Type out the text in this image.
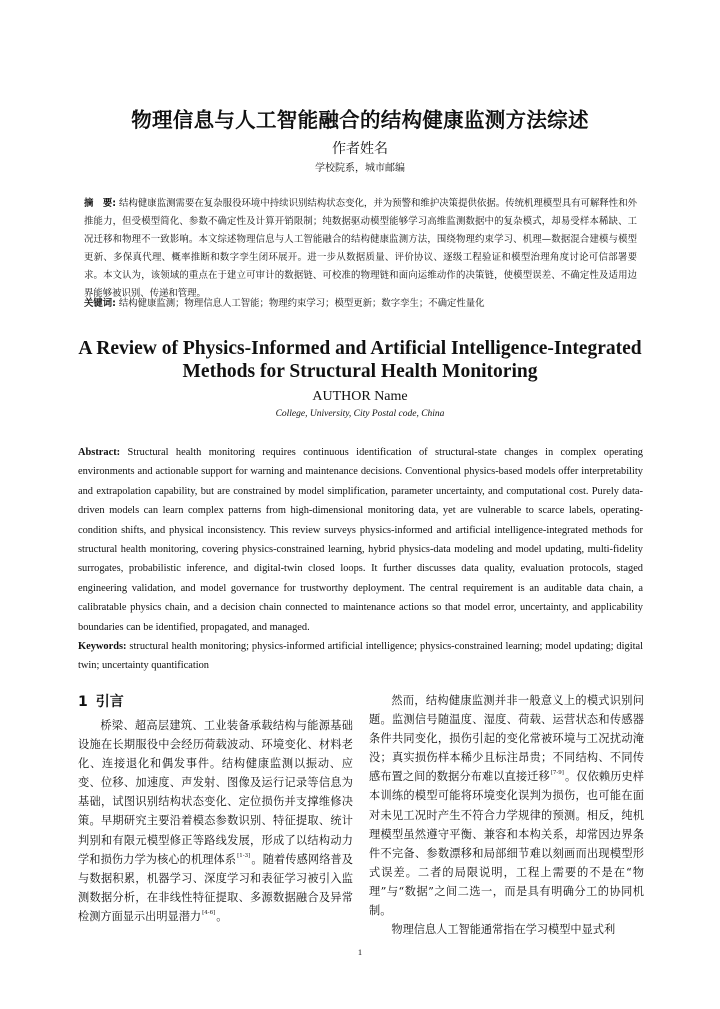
物理信息与人工智能融合的结构健康监测方法综述
作者姓名
学校院系，城市邮编
摘　要: 结构健康监测需要在复杂服役环境中持续识别结构状态变化，并为预警和维护决策提供依据。传统机理模型具有可解释性和外推能力，但受模型简化、参数不确定性及计算开销限制；纯数据驱动模型能够学习高维监测数据中的复杂模式，却易受样本稀缺、工况迁移和物理不一致影响。本文综述物理信息与人工智能融合的结构健康监测方法，围绕物理约束学习、机理—数据混合建模与模型更新、多保真代理、概率推断和数字孪生闭环展开。进一步从数据质量、评价协议、逐级工程验证和模型治理角度讨论可信部署要求。本文认为，该领域的重点在于建立可审计的数据链、可校准的物理链和面向运维动作的决策链，使模型误差、不确定性及适用边界能够被识别、传递和管理。
关键词: 结构健康监测；物理信息人工智能；物理约束学习；模型更新；数字孪生；不确定性量化
A Review of Physics-Informed and Artificial Intelligence-Integrated Methods for Structural Health Monitoring
AUTHOR Name
College, University, City Postal code, China
Abstract: Structural health monitoring requires continuous identification of structural-state changes in complex operating environments and actionable support for warning and maintenance decisions. Conventional physics-based models offer interpretability and extrapolation capability, but are constrained by model simplification, parameter uncertainty, and computational cost. Purely data-driven models can learn complex patterns from high-dimensional monitoring data, yet are vulnerable to scarce labels, operating-condition shifts, and physical inconsistency. This review surveys physics-informed and artificial intelligence-integrated methods for structural health monitoring, covering physics-constrained learning, hybrid physics-data modeling and model updating, multi-fidelity surrogates, probabilistic inference, and digital-twin closed loops. It further discusses data quality, evaluation protocols, staged engineering validation, and model governance for trustworthy deployment. The central requirement is an auditable data chain, a calibratable physics chain, and a decision chain connected to maintenance actions so that model error, uncertainty, and applicability boundaries can be identified, propagated, and managed.
Keywords: structural health monitoring; physics-informed artificial intelligence; physics-constrained learning; model updating; digital twin; uncertainty quantification
1 引言

桥梁、超高层建筑、工业装备承载结构与能源基础设施在长期服役中会经历荷载波动、环境变化、材料老化、连接退化和偶发事件。结构健康监测以振动、应变、位移、加速度、声发射、图像及运行记录等信息为基础，试图识别结构状态变化、定位损伤并支撑维修决策。早期研究主要沿着模态参数识别、特征提取、统计判别和有限元模型修正等路线发展，形成了以结构动力学和损伤力学为核心的机理体系[1-3]。随着传感网络普及与数据积累，机器学习、深度学习和表征学习被引入监测数据分析，在非线性特征提取、多源数据融合及异常检测方面显示出明显潜力[4-6]。

然而，结构健康监测并非一般意义上的模式识别问题。监测信号随温度、湿度、荷载、运营状态和传感器条件共同变化，损伤引起的变化常被环境与工况扰动淹没；真实损伤样本稀少且标注昂贵；不同结构、不同传感布置之间的数据分布难以直接迁移[7-9]。仅依赖历史样本训练的模型可能将环境变化误判为损伤，也可能在面对未见工况时产生不符合力学规律的预测。相反，纯机理模型虽然遵守平衡、兼容和本构关系，却常因边界条件不完备、参数漂移和局部细节难以刻画而出现模型形式误差。二者的局限说明，工程上需要的不是在“物理”与“数据”之间二选一，而是具有明确分工的协同机制。

物理信息人工智能通常指在学习模型中显式利

1
